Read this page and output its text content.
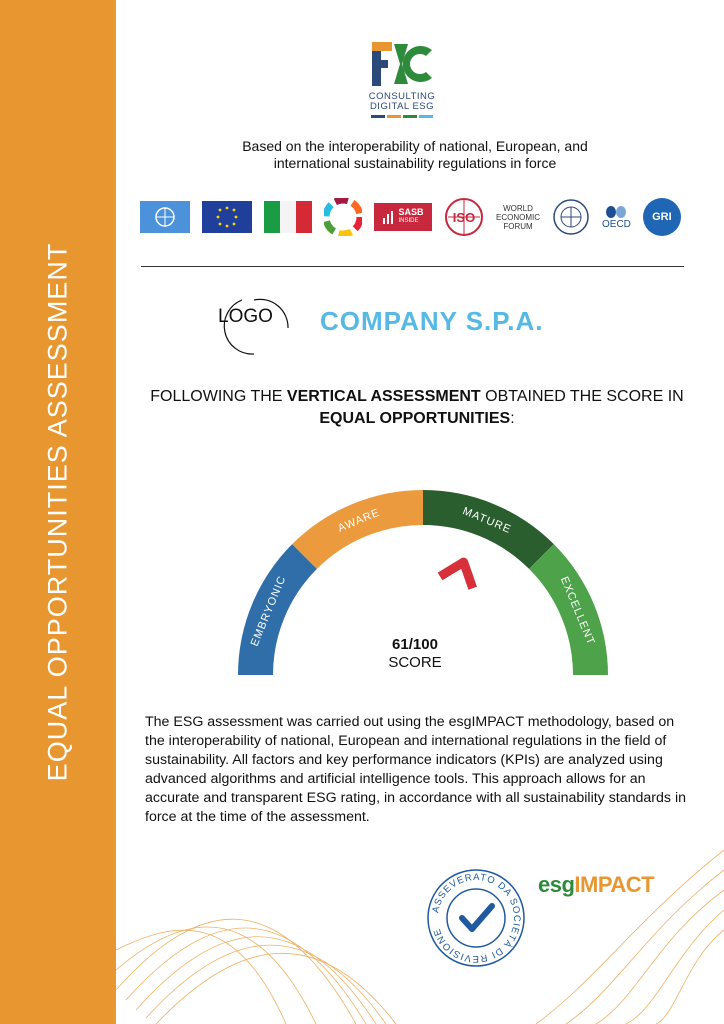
EQUAL OPPORTUNITIES ASSESSMENT
CONSULTING
DIGITAL ESG
Based on the interoperability of national, European, and
international sustainability regulations in force
SASB
INSIDE	ISO
WORLD
ECONOMIC
FORUM	OECD
GRI
LOGO COMPANY S.P.A.
FOLLOWING THE VERTICAL ASSESSMENT OBTAINED THE SCORE IN
EQUAL OPPORTUNITIES:
EMBRYONIC
AWARE	MATURE
EXCELLENT
61/100
SCORE
The ESG assessment was carried out using the esgIMPACT methodology, based on the interoperability of national, European and international regulations in the field of sustainability. All factors and key performance indicators (KPIs) are analyzed using advanced algorithms and artificial intelligence tools. This approach allows for an accurate and transparent ESG rating, in accordance with all sustainability standards in force at the time of the assessment.
ASSEVERATO DA SOCIETÀ DI REVISIONE
esgIMPACT
